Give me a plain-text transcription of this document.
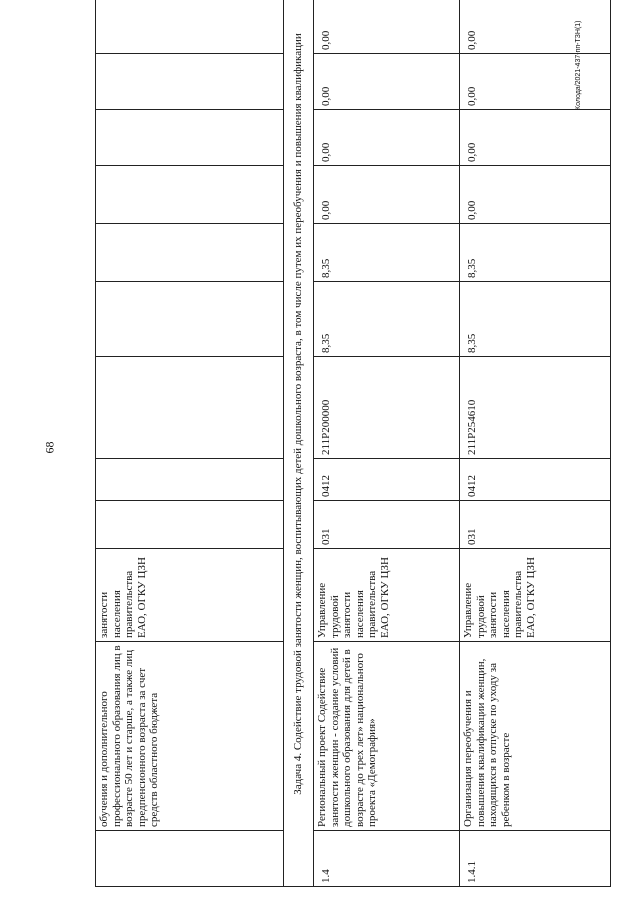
68
Колода/2021-437-пп-ТЗН(1)
	обучения и дополнительного профессионального образования лиц в возрасте 50 лет и старше, а также лиц предпенсионного возраста за счет средств областного бюджета	занятости населения правительства ЕАО, ОГКУ ЦЗН										
Задача 4. Содействие трудовой занятости женщин, воспитывающих детей дошкольного возраста, в том числе путем их переобучения и повышения квалификации												
1.4	Региональный проект Содействие занятости женщин - создание условий дошкольного образования для детей в возрасте до трех лет» национального проекта «Демография»	Управление трудовой занятости населения правительства ЕАО, ОГКУ ЦЗН	031	0412	211P200000	8,35	8,35	0,00	0,00	0,00	0,00	
1.4.1	Организация переобучения и повышения квалификации женщин, находящихся в отпуске по уходу за ребенком в возрасте	Управление трудовой занятости населения правительства ЕАО, ОГКУ ЦЗН	031	0412	211P254610	8,35	8,35	0,00	0,00	0,00	0,00	
